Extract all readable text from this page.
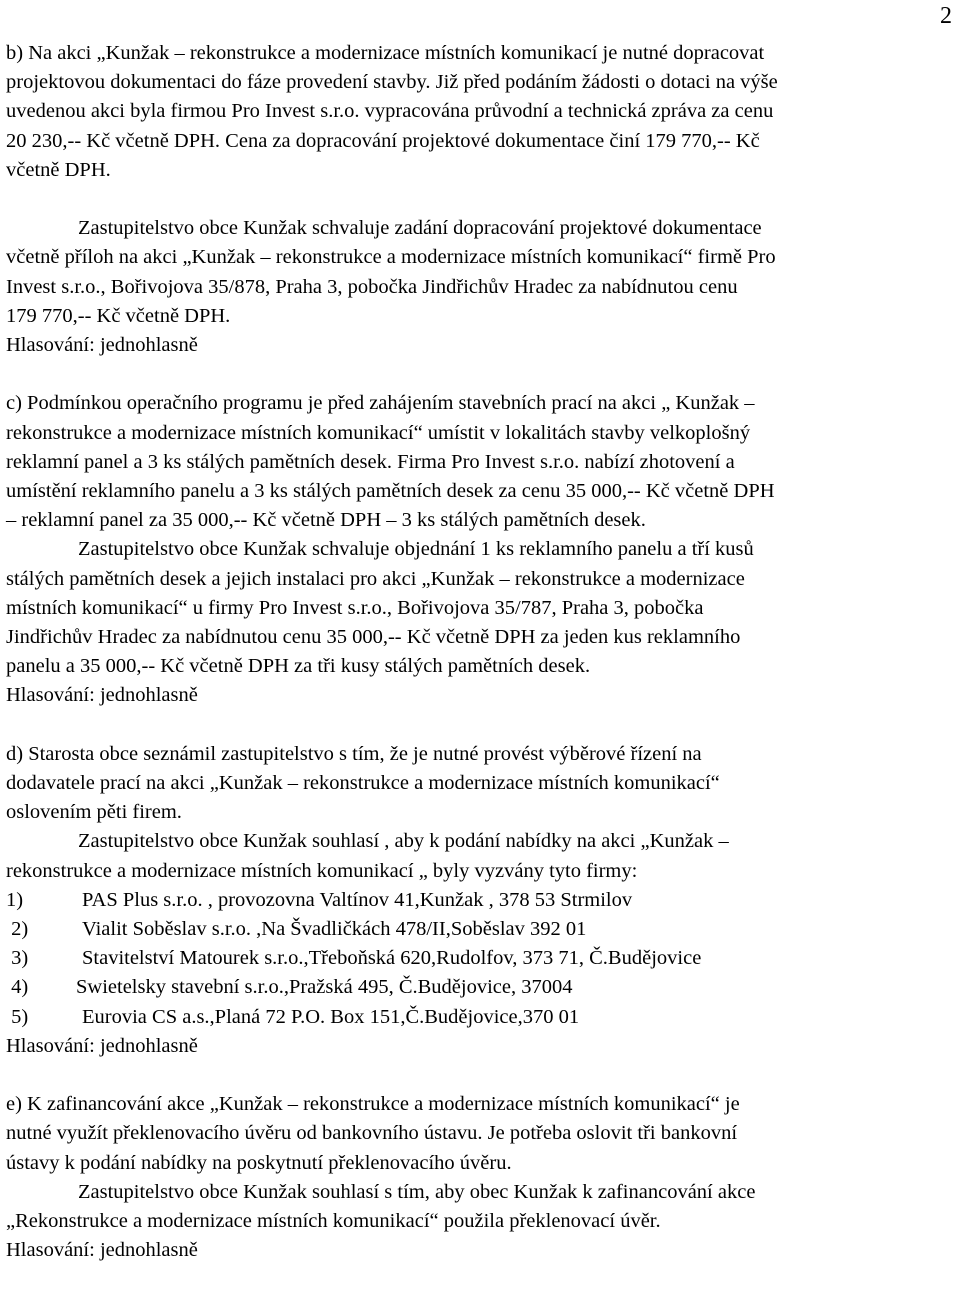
2

b) Na akci „Kunžak – rekonstrukce a modernizace místních komunikací je nutné dopracovat

projektovou dokumentaci do fáze provedení stavby. Již před podáním žádosti o dotaci na výše

uvedenou akci byla firmou Pro Invest s.r.o. vypracována průvodní a technická zpráva za cenu

20 230,-- Kč včetně DPH. Cena za dopracování projektové dokumentace činí 179 770,-- Kč

včetně DPH.

Zastupitelstvo obce Kunžak schvaluje zadání dopracování projektové dokumentace

včetně příloh na akci „Kunžak – rekonstrukce a modernizace místních komunikací“ firmě Pro

Invest s.r.o., Bořivojova 35/878, Praha 3, pobočka Jindřichův Hradec za nabídnutou cenu

179 770,-- Kč včetně DPH.

Hlasování: jednohlasně

c) Podmínkou operačního programu je před zahájením stavebních prací na akci „ Kunžak –

rekonstrukce a modernizace místních komunikací“ umístit v lokalitách stavby velkoplošný

reklamní panel a 3 ks stálých pamětních desek. Firma Pro Invest s.r.o. nabízí zhotovení a

umístění reklamního panelu a 3 ks stálých pamětních desek za cenu 35 000,-- Kč včetně DPH

– reklamní panel za 35 000,-- Kč včetně DPH – 3 ks stálých pamětních desek.

Zastupitelstvo obce Kunžak schvaluje objednání 1 ks reklamního panelu a tří kusů

stálých pamětních desek a jejich instalaci pro akci „Kunžak – rekonstrukce a modernizace

místních komunikací“ u firmy Pro Invest s.r.o., Bořivojova 35/787, Praha 3, pobočka

Jindřichův Hradec za nabídnutou cenu 35 000,-- Kč včetně DPH za jeden kus reklamního

panelu a 35 000,-- Kč včetně DPH za tři kusy stálých pamětních desek.

Hlasování: jednohlasně

d) Starosta obce seznámil zastupitelstvo s tím, že je nutné provést výběrové řízení na

dodavatele prací na akci „Kunžak – rekonstrukce a modernizace místních komunikací“

oslovením pěti firem.

Zastupitelstvo obce Kunžak souhlasí , aby k podání nabídky na akci „Kunžak –

rekonstrukce a modernizace místních komunikací „ byly vyzvány tyto firmy:

1)	PAS Plus s.r.o. , provozovna Valtínov 41,Kunžak , 378 53 Strmilov
2)	Vialit Soběslav s.r.o. ,Na Švadličkách 478/II,Soběslav 392 01
3)	Stavitelství Matourek s.r.o.,Třeboňská 620,Rudolfov, 373 71, Č.Budějovice
4)	Swietelsky stavební s.r.o.,Pražská 495, Č.Budějovice, 37004
5)	Eurovia CS a.s.,Planá 72 P.O. Box 151,Č.Budějovice,370 01

Hlasování: jednohlasně

e) K zafinancování akce „Kunžak – rekonstrukce a modernizace místních komunikací“ je

nutné využít překlenovacího úvěru od bankovního ústavu. Je potřeba oslovit tři bankovní

ústavy k podání nabídky na poskytnutí překlenovacího úvěru.

Zastupitelstvo obce Kunžak souhlasí s tím, aby obec Kunžak k zafinancování akce

„Rekonstrukce a modernizace místních komunikací“ použila překlenovací úvěr.

Hlasování: jednohlasně
